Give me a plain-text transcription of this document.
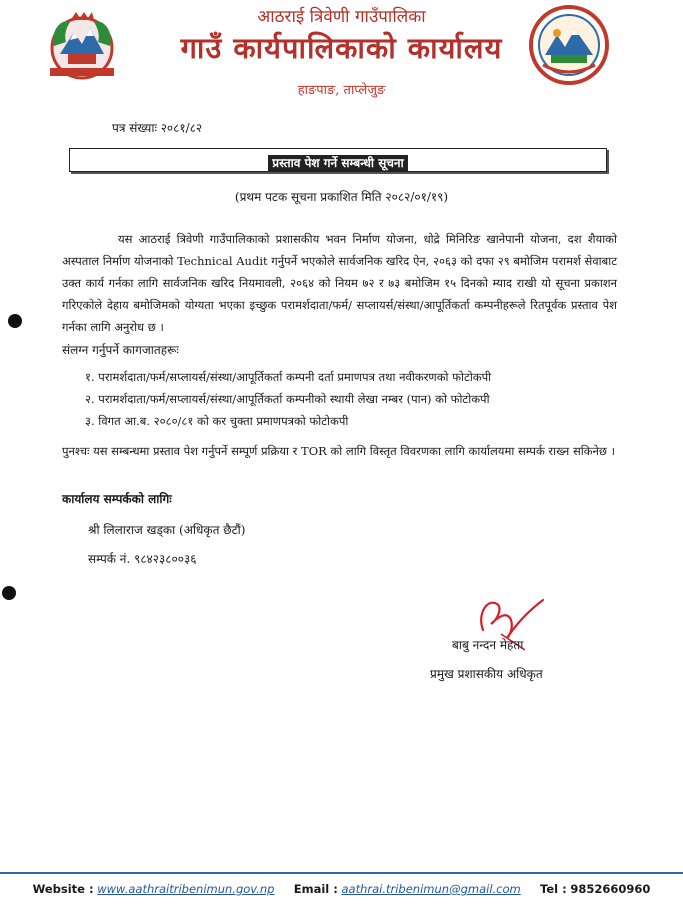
आठराई त्रिवेणी गाउँपालिका
गाउँ कार्यपालिकाको कार्यालय
हाङपाङ, ताप्लेजुङ
पत्र संख्याः २०८१/८२
प्रस्ताव पेश गर्ने सम्बन्धी सूचना
(प्रथम पटक सूचना प्रकाशित मिति २०८२/०१/१९)
यस आठराई त्रिवेणी गाउँपालिकाको प्रशासकीय भवन निर्माण योजना, धोद्रे मिनिरिङ खानेपानी योजना, दश शैयाको अस्पताल निर्माण योजनाको Technical Audit गर्नुपर्ने भएकोले सार्वजनिक खरिद ऐन, २०६३ को दफा २९ बमोजिम परामर्श सेवाबाट उक्त कार्य गर्नका लागि सार्वजनिक खरिद नियमावली, २०६४ को नियम ७२ र ७३ बमोजिम १५ दिनको म्याद राखी यो सूचना प्रकाशन गरिएकोले देहाय बमोजिमको योग्यता भएका इच्छुक परामर्शदाता/फर्म/ सप्लायर्स/संस्था/आपूर्तिकर्ता कम्पनीहरूले रितपूर्वक प्रस्ताव पेश गर्नका लागि अनुरोध छ ।
संलग्न गर्नुपर्ने कागजातहरूः
१. परामर्शदाता/फर्म/सप्लायर्स/संस्था/आपूर्तिकर्ता कम्पनी दर्ता प्रमाणपत्र तथा नवीकरणको फोटोकपी
२. परामर्शदाता/फर्म/सप्लायर्स/संस्था/आपूर्तिकर्ता कम्पनीको स्थायी लेखा नम्बर (पान) को फोटोकपी
३. विगत आ.ब. २०८०/८१ को कर चुक्ता प्रमाणपत्रको फोटोकपी
पुनश्चः यस सम्बन्धमा प्रस्ताव पेश गर्नुपर्ने सम्पूर्ण प्रक्रिया र TOR को लागि विस्तृत विवरणका लागि कार्यालयमा सम्पर्क राख्न सकिनेछ ।
कार्यालय सम्पर्कको लागिः
श्री लिलाराज खड्का (अधिकृत छैटौं)
सम्पर्क नं. ९८४२३८००३६
बाबु नन्दन मेहता
प्रमुख प्रशासकीय अधिकृत
Website : www.aathraitribenimun.gov.np Email : aathrai.tribenimun@gmail.com Tel : 9852660960
